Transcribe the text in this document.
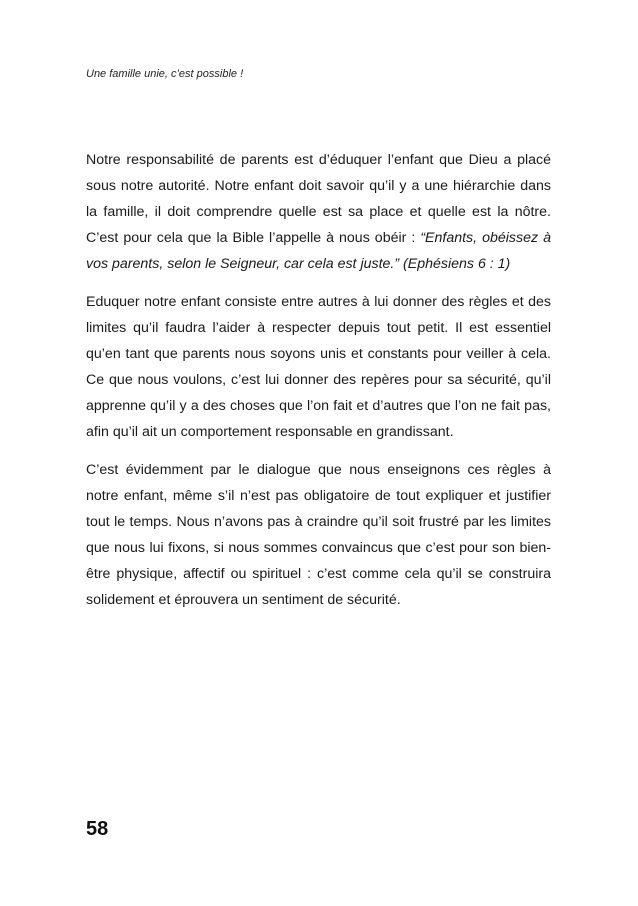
Une famille unie, c’est possible !

Notre responsabilité de parents est d’éduquer l’enfant que Dieu a placé sous notre autorité. Notre enfant doit savoir qu’il y a une hiérarchie dans la famille, il doit comprendre quelle est sa place et quelle est la nôtre. C’est pour cela que la Bible l’appelle à nous obéir : “Enfants, obéissez à vos parents, selon le Seigneur, car cela est juste.” (Ephésiens 6 : 1)

Eduquer notre enfant consiste entre autres à lui donner des règles et des limites qu’il faudra l’aider à respecter depuis tout petit. Il est essentiel qu’en tant que parents nous soyons unis et constants pour veiller à cela. Ce que nous voulons, c’est lui donner des repères pour sa sécurité, qu’il apprenne qu’il y a des choses que l’on fait et d’autres que l’on ne fait pas, afin qu’il ait un comportement responsable en grandissant.

C’est évidemment par le dialogue que nous enseignons ces règles à notre enfant, même s’il n’est pas obligatoire de tout expliquer et justifier tout le temps. Nous n’avons pas à craindre qu’il soit frustré par les limites que nous lui fixons, si nous sommes convaincus que c’est pour son bien-être physique, affectif ou spirituel : c’est comme cela qu’il se construira solidement et éprouvera un sentiment de sécurité.

58
